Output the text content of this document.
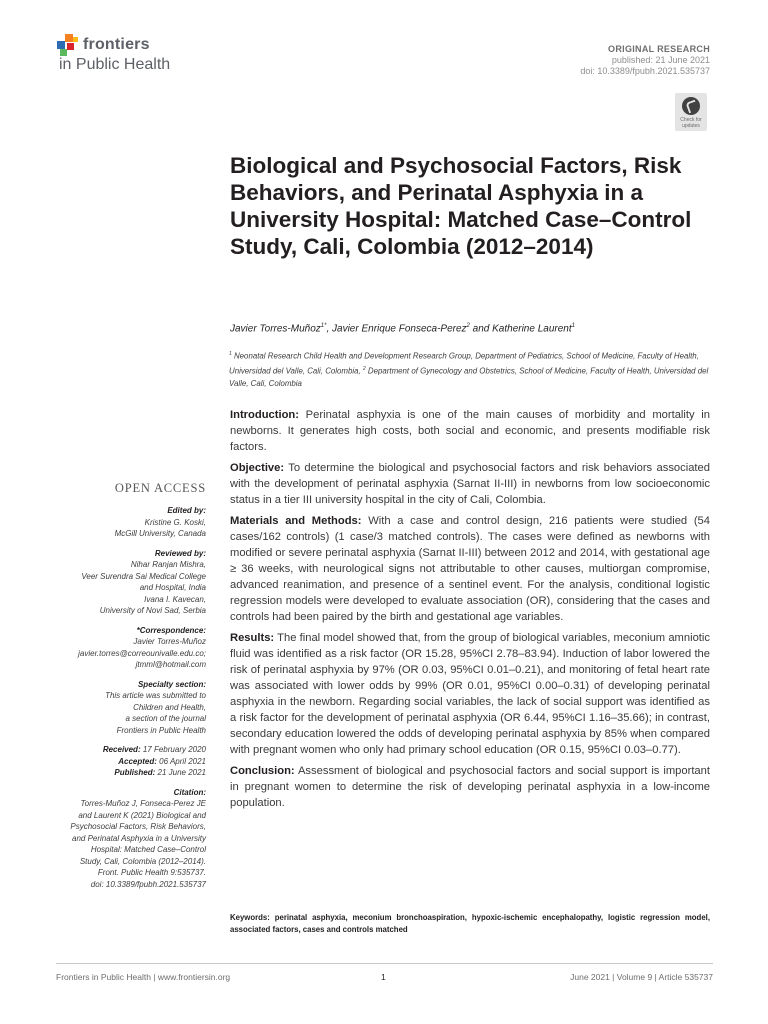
frontiers
in Public Health
ORIGINAL RESEARCH
published: 21 June 2021
doi: 10.3389/fpubh.2021.535737
Check for updates
Biological and Psychosocial Factors, Risk Behaviors, and Perinatal Asphyxia in a University Hospital: Matched Case–Control Study, Cali, Colombia (2012–2014)
Javier Torres-Muñoz$^{1*}$, Javier Enrique Fonseca-Perez$^2$ and Katherine Laurent$^1$
$^1$ Neonatal Research Child Health and Development Research Group, Department of Pediatrics, School of Medicine, Faculty of Health, Universidad del Valle, Cali, Colombia, $^2$ Department of Gynecology and Obstetrics, School of Medicine, Faculty of Health, Universidad del Valle, Cali, Colombia
OPEN ACCESS
Edited by:
Kristine G. Koski,
McGill University, Canada
Reviewed by:
Nihar Ranjan Mishra,
Veer Surendra Sai Medical College
and Hospital, India
Ivana I. Kavecan,
University of Novi Sad, Serbia
*Correspondence:
Javier Torres-Muñoz
javier.torres@correounivalle.edu.co;
jtmml@hotmail.com
Specialty section:
This article was submitted to
Children and Health,
a section of the journal
Frontiers in Public Health
Received: 17 February 2020
Accepted: 06 April 2021
Published: 21 June 2021
Citation:
Torres-Muñoz J, Fonseca-Perez JE
and Laurent K (2021) Biological and
Psychosocial Factors, Risk Behaviors,
and Perinatal Asphyxia in a University
Hospital: Matched Case–Control
Study, Cali, Colombia (2012–2014).
Front. Public Health 9:535737.
doi: 10.3389/fpubh.2021.535737

Introduction: Perinatal asphyxia is one of the main causes of morbidity and mortality in newborns. It generates high costs, both social and economic, and presents modifiable risk factors.

Objective: To determine the biological and psychosocial factors and risk behaviors associated with the development of perinatal asphyxia (Sarnat II-III) in newborns from low socioeconomic status in a tier III university hospital in the city of Cali, Colombia.

Materials and Methods: With a case and control design, 216 patients were studied (54 cases/162 controls) (1 case/3 matched controls). The cases were defined as newborns with modified or severe perinatal asphyxia (Sarnat II-III) between 2012 and 2014, with gestational age ≥ 36 weeks, with neurological signs not attributable to other causes, multiorgan compromise, advanced reanimation, and presence of a sentinel event. For the analysis, conditional logistic regression models were developed to evaluate association (OR), considering that the cases and controls had been paired by the birth and gestational age variables.

Results: The final model showed that, from the group of biological variables, meconium amniotic fluid was identified as a risk factor (OR 15.28, 95%CI 2.78–83.94). Induction of labor lowered the risk of perinatal asphyxia by 97% (OR 0.03, 95%CI 0.01–0.21), and monitoring of fetal heart rate was associated with lower odds by 99% (OR 0.01, 95%CI 0.00–0.31) of developing perinatal asphyxia in the newborn. Regarding social variables, the lack of social support was identified as a risk factor for the development of perinatal asphyxia (OR 6.44, 95%CI 1.16–35.66); in contrast, secondary education lowered the odds of developing perinatal asphyxia by 85% when compared with pregnant women who only had primary school education (OR 0.15, 95%CI 0.03–0.77).

Conclusion: Assessment of biological and psychosocial factors and social support is important in pregnant women to determine the risk of developing perinatal asphyxia in a low-income population.

Keywords: perinatal asphyxia, meconium bronchoaspiration, hypoxic-ischemic encephalopathy, logistic regression model, associated factors, cases and controls matched
Frontiers in Public Health | www.frontiersin.org	1	June 2021 | Volume 9 | Article 535737
